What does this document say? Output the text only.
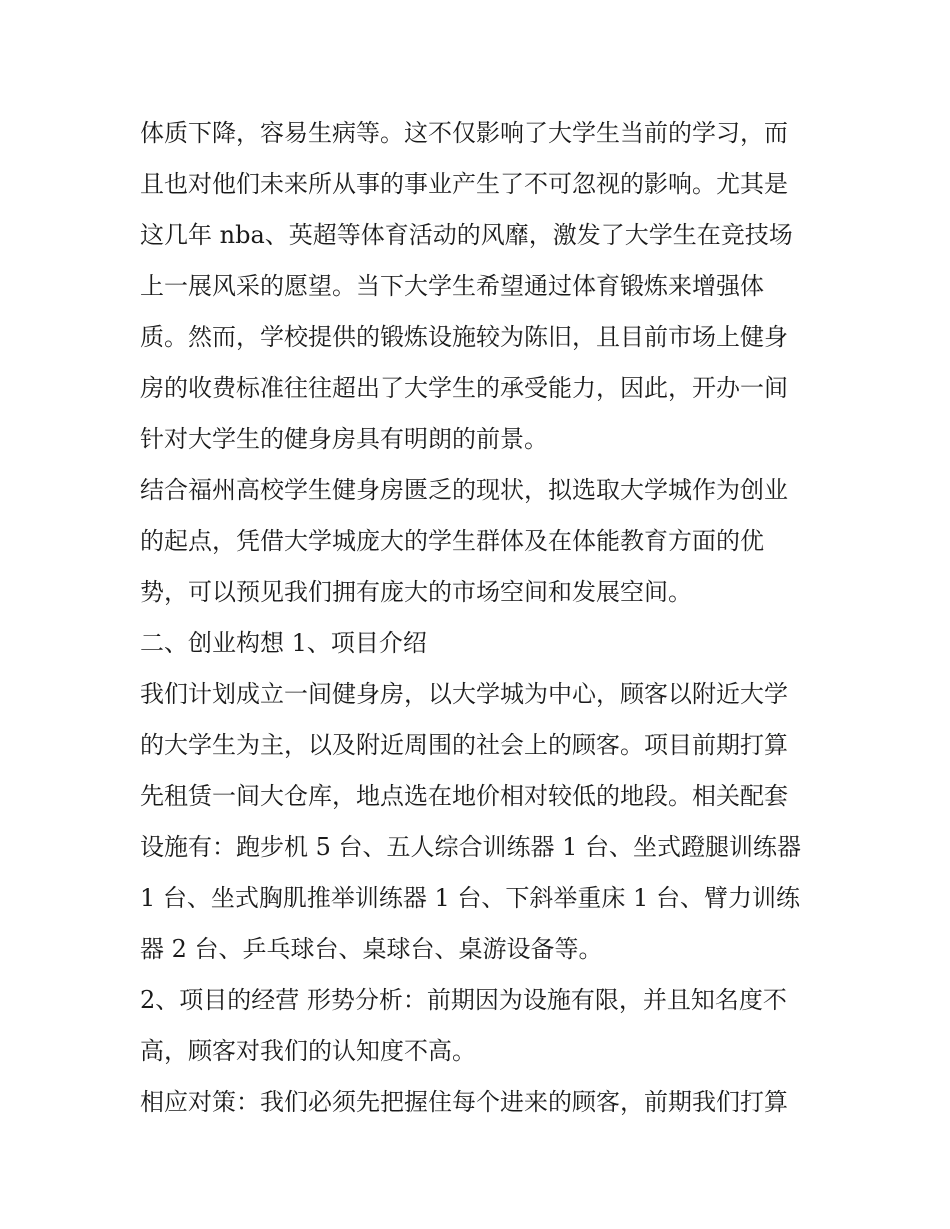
体质下降，容易生病等。这不仅影响了大学生当前的学习，而
且也对他们未来所从事的事业产生了不可忽视的影响。尤其是
这几年 nba、英超等体育活动的风靡，激发了大学生在竞技场
上一展风采的愿望。当下大学生希望通过体育锻炼来增强体
质。然而，学校提供的锻炼设施较为陈旧，且目前市场上健身
房的收费标准往往超出了大学生的承受能力，因此，开办一间
针对大学生的健身房具有明朗的前景。
结合福州高校学生健身房匮乏的现状，拟选取大学城作为创业
的起点，凭借大学城庞大的学生群体及在体能教育方面的优
势，可以预见我们拥有庞大的市场空间和发展空间。
二、创业构想 1、项目介绍
我们计划成立一间健身房，以大学城为中心，顾客以附近大学
的大学生为主，以及附近周围的社会上的顾客。项目前期打算
先租赁一间大仓库，地点选在地价相对较低的地段。相关配套
设施有：跑步机 5 台、五人综合训练器 1 台、坐式蹬腿训练器
1 台、坐式胸肌推举训练器 1 台、下斜举重床 1 台、臂力训练
器 2 台、乒乓球台、桌球台、桌游设备等。
2、项目的经营 形势分析：前期因为设施有限，并且知名度不
高，顾客对我们的认知度不高。
相应对策：我们必须先把握住每个进来的顾客，前期我们打算
